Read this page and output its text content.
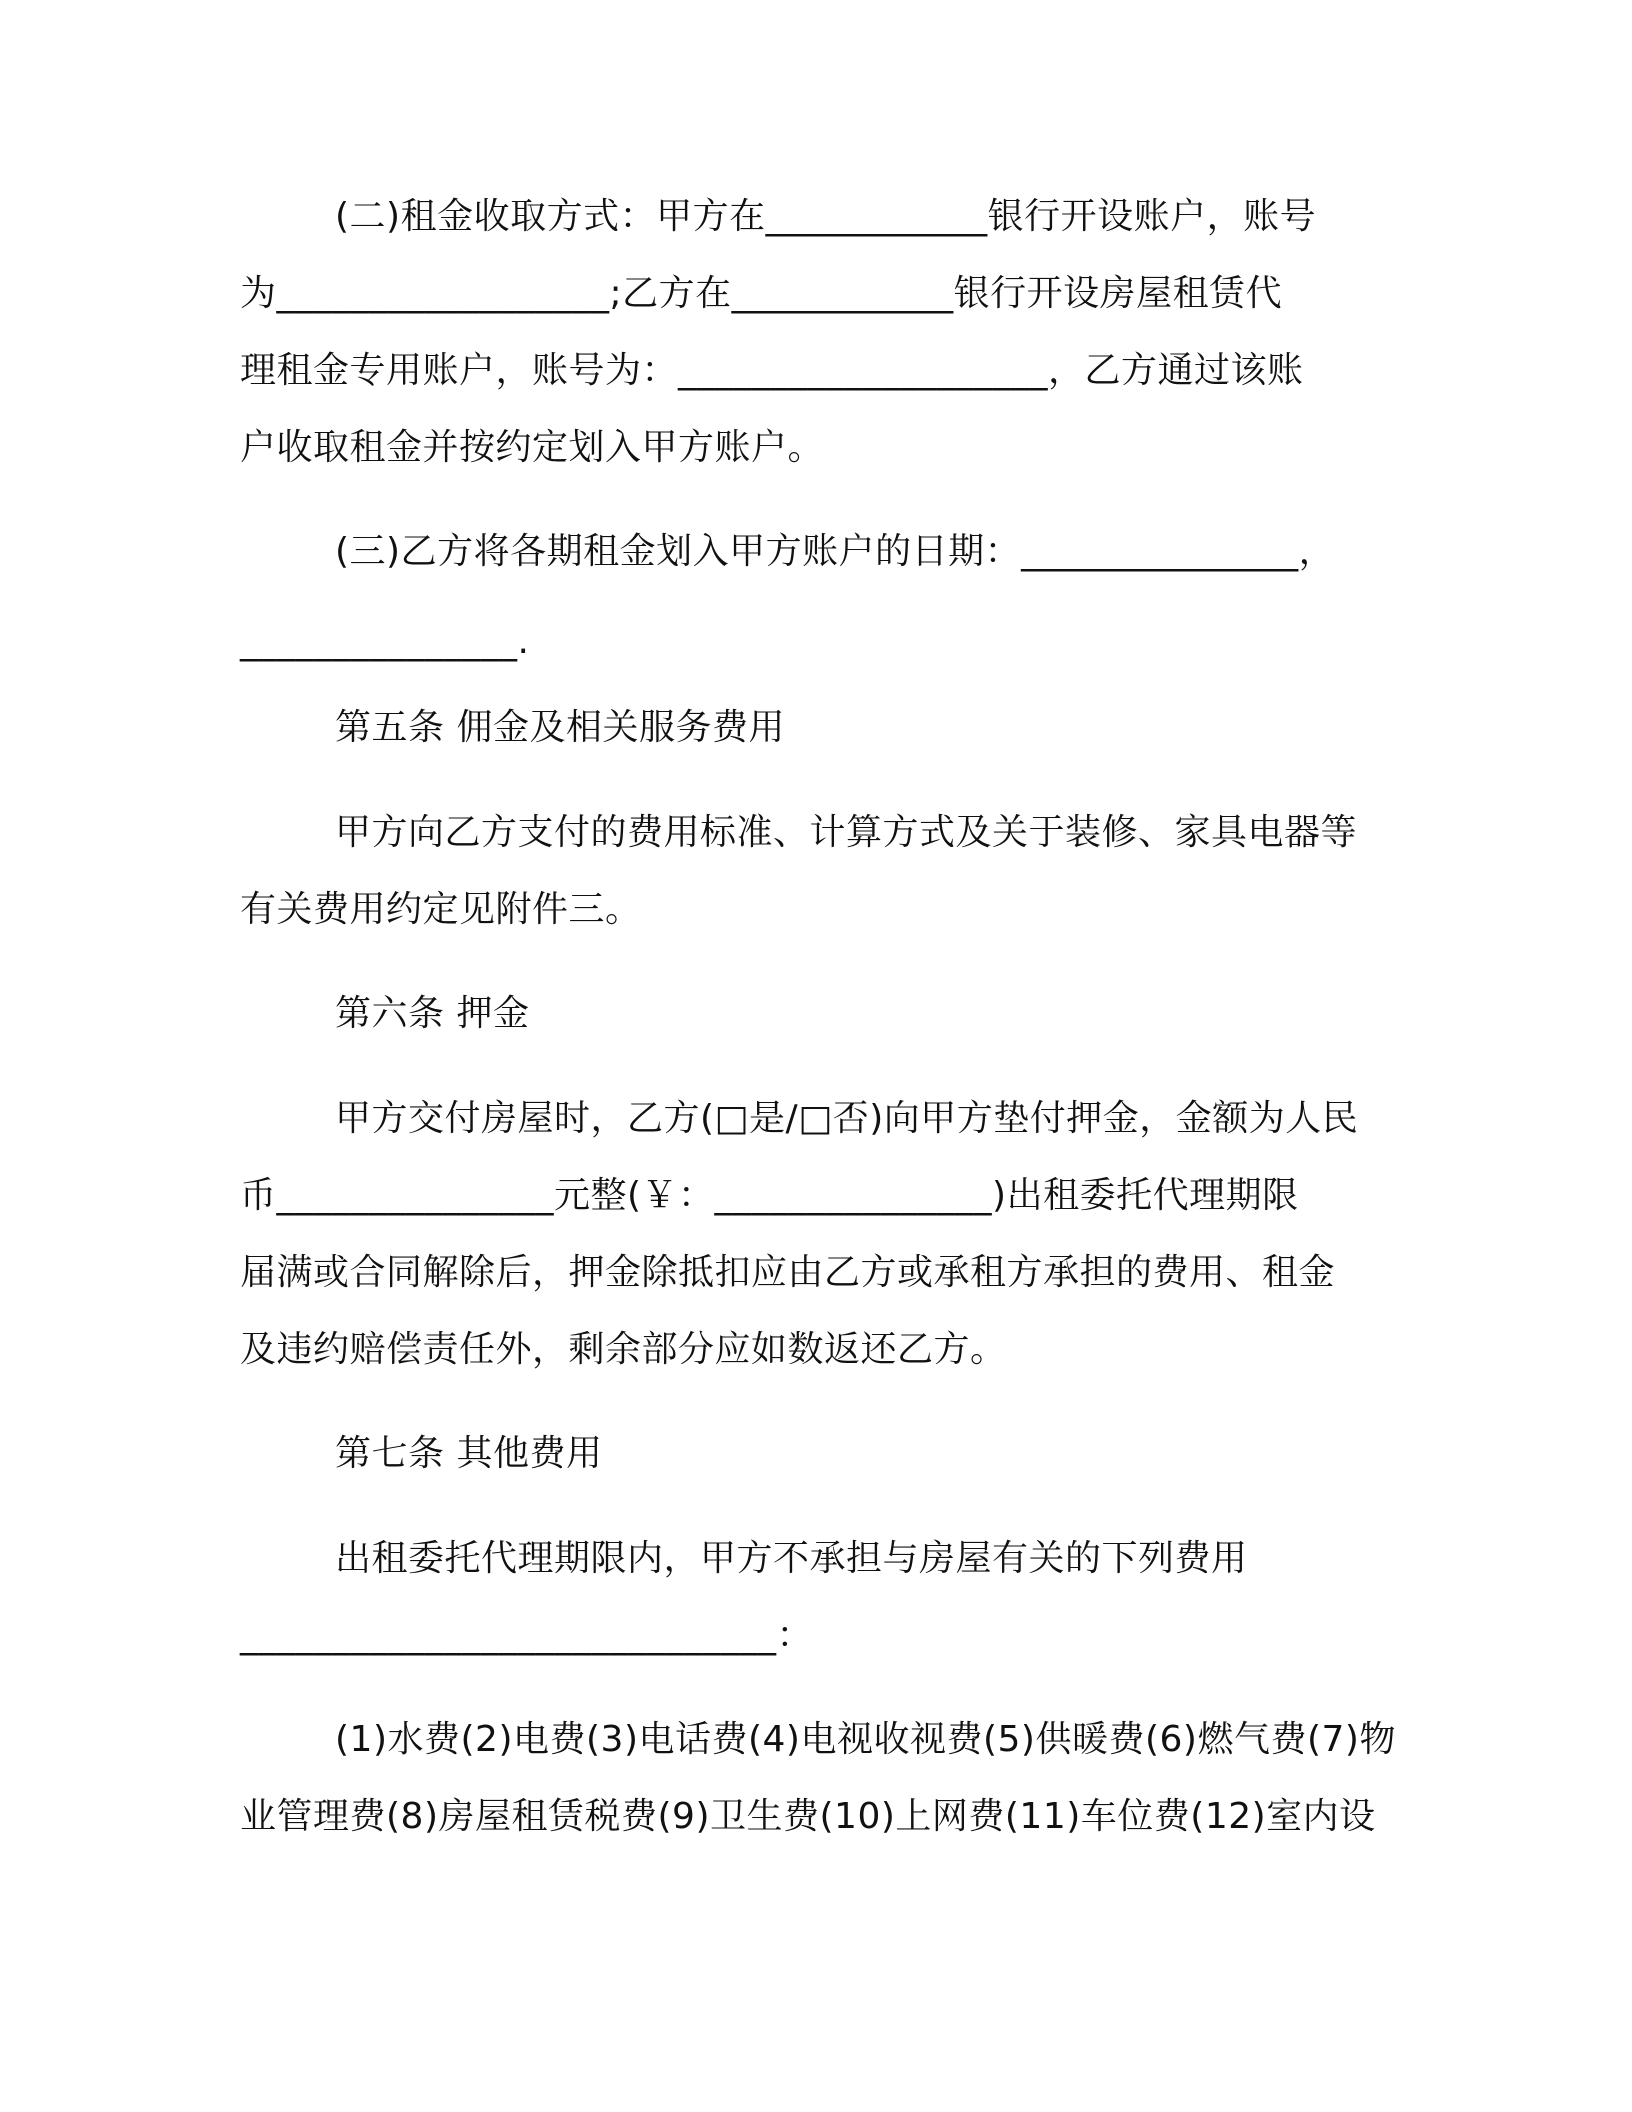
(二)租金收取方式：甲方在____________银行开设账户，账号
为__________________;乙方在____________银行开设房屋租赁代
理租金专用账户，账号为：____________________，乙方通过该账
户收取租金并按约定划入甲方账户。
(三)乙方将各期租金划入甲方账户的日期：_______________，
_______________.
第五条 佣金及相关服务费用
甲方向乙方支付的费用标准、计算方式及关于装修、家具电器等
有关费用约定见附件三。
第六条 押金
甲方交付房屋时，乙方(□是/□否)向甲方垫付押金，金额为人民
币_______________元整(￥：_______________)出租委托代理期限
届满或合同解除后，押金除抵扣应由乙方或承租方承担的费用、租金
及违约赔偿责任外，剩余部分应如数返还乙方。
第七条 其他费用
出租委托代理期限内，甲方不承担与房屋有关的下列费用
_____________________________：
(1)水费(2)电费(3)电话费(4)电视收视费(5)供暖费(6)燃气费(7)物
业管理费(8)房屋租赁税费(9)卫生费(10)上网费(11)车位费(12)室内设
